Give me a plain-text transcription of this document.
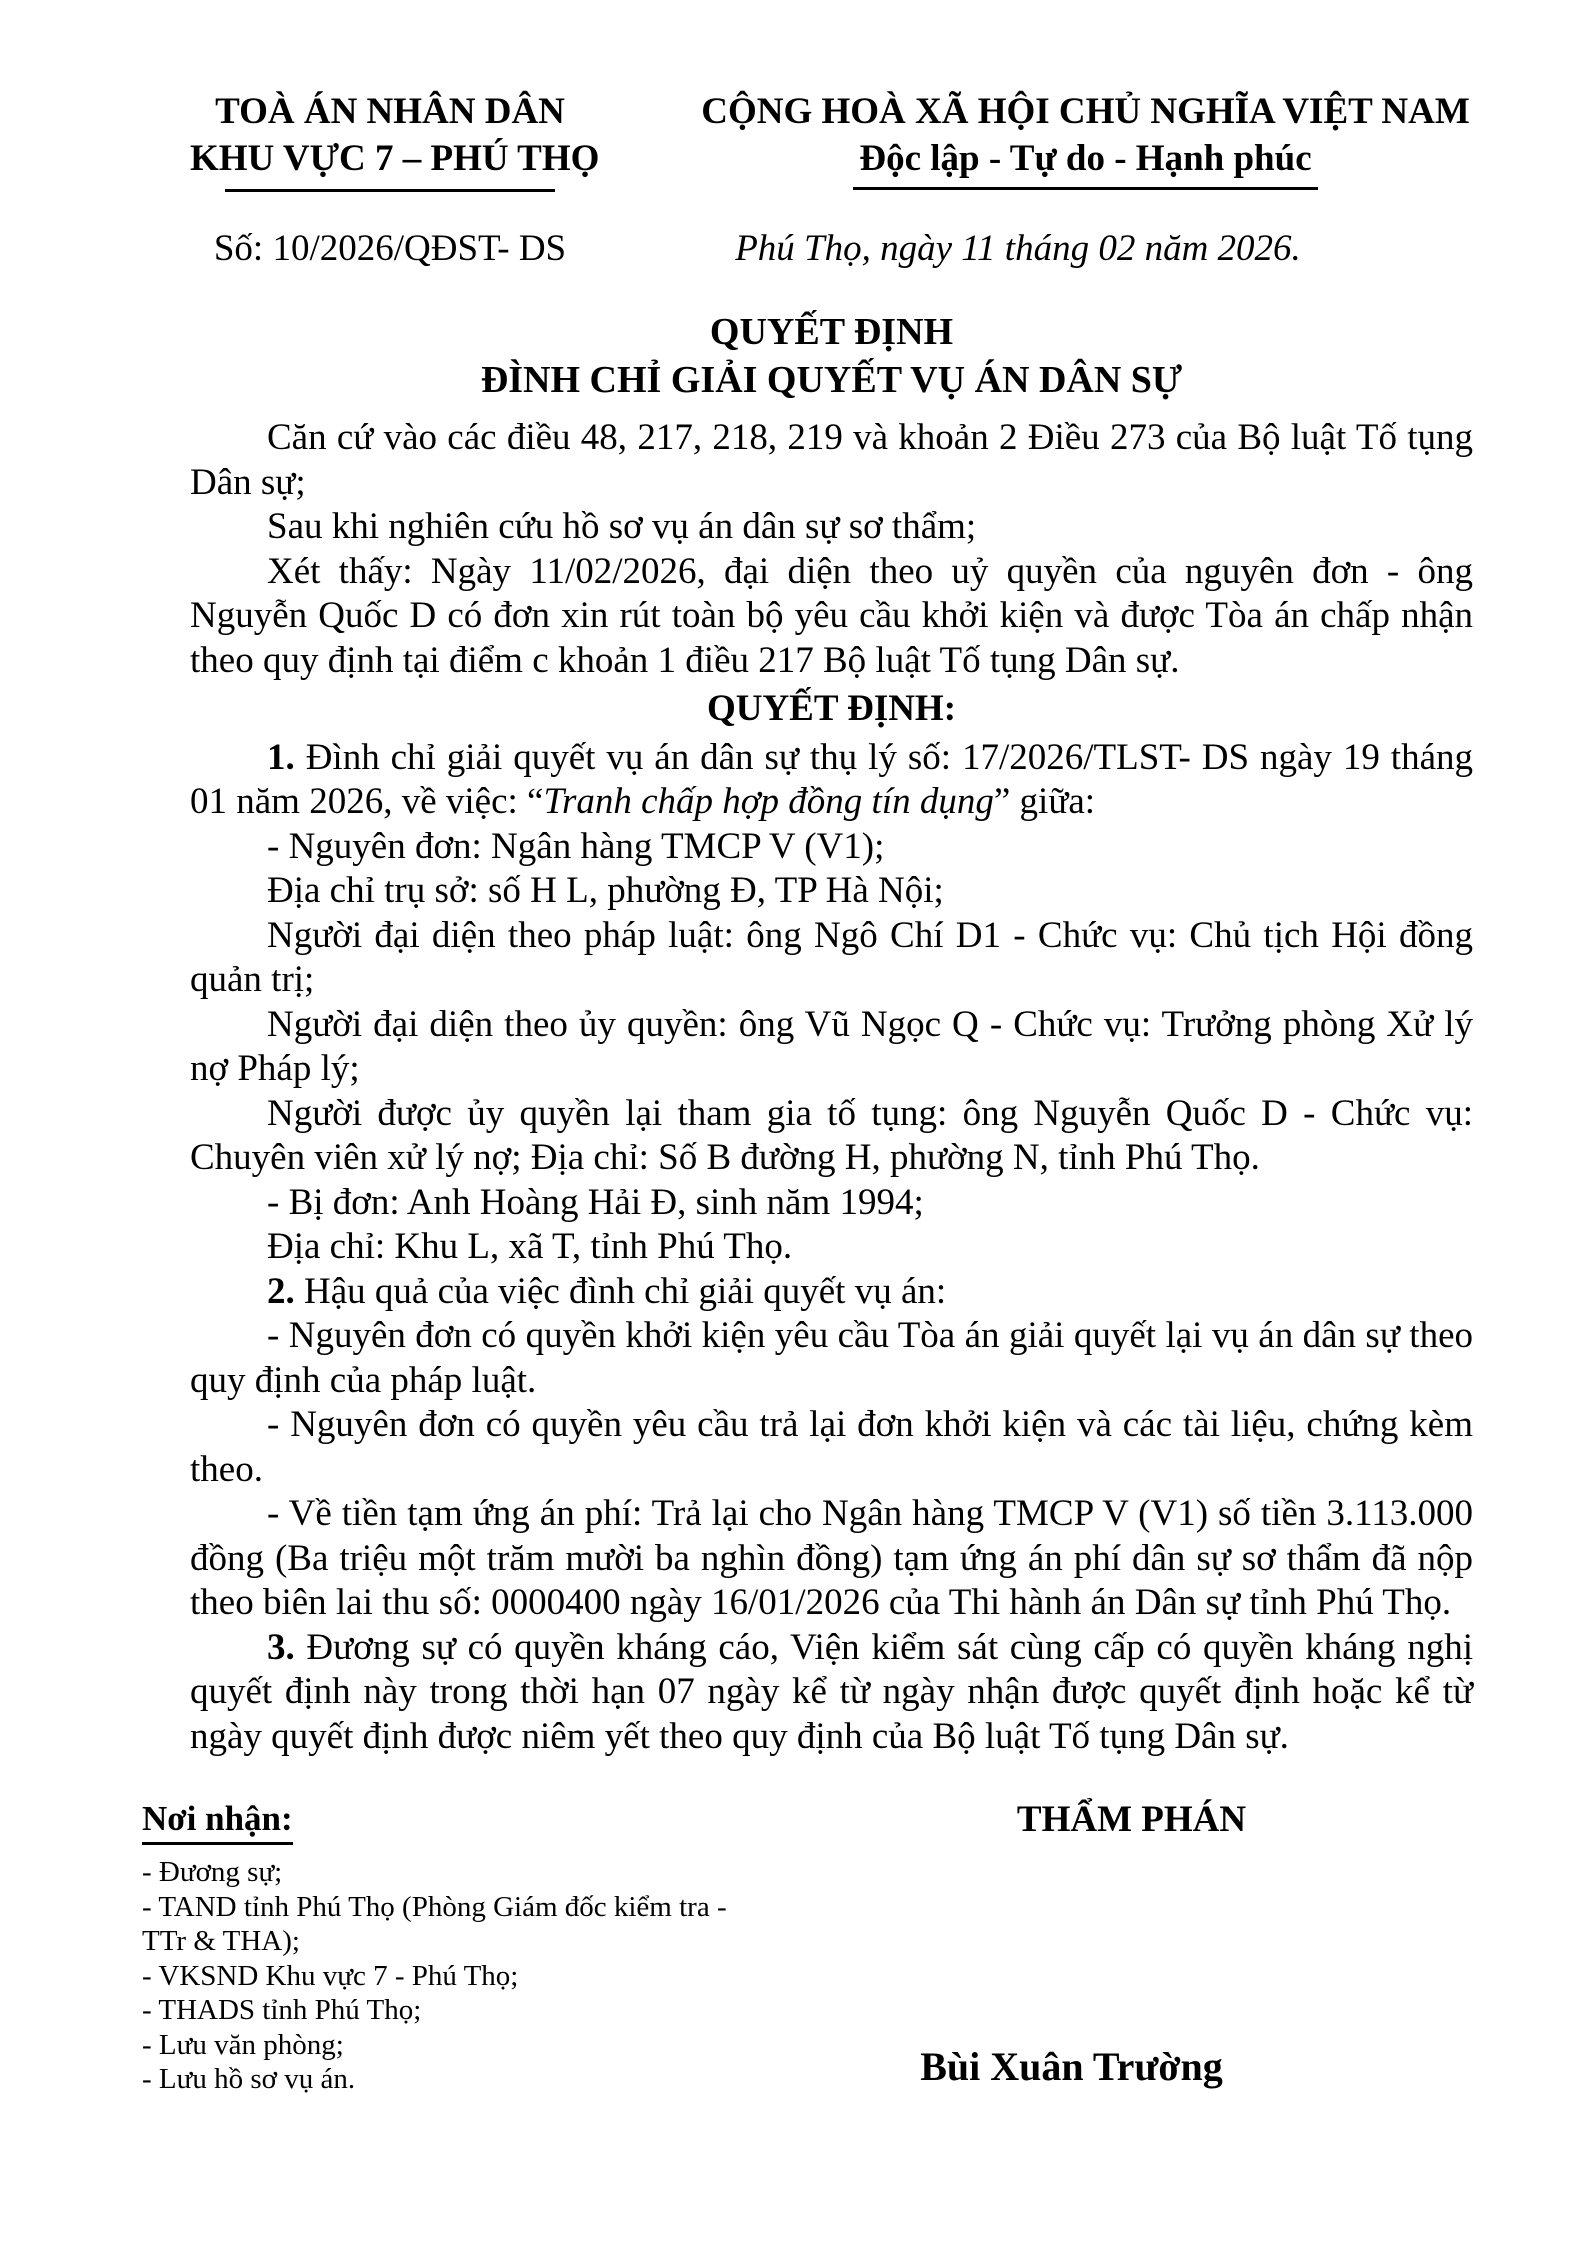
TOÀ ÁN NHÂN DÂN
KHU VỰC 7 – PHÚ THỌ
CỘNG HOÀ XÃ HỘI CHỦ NGHĨA VIỆT NAM
Độc lập - Tự do - Hạnh phúc
Số: 10/2026/QĐST- DS	Phú Thọ, ngày 11 tháng 02 năm 2026.
QUYẾT ĐỊNH
ĐÌNH CHỈ GIẢI QUYẾT VỤ ÁN DÂN SỰ

Căn cứ vào các điều 48, 217, 218, 219 và khoản 2 Điều 273 của Bộ luật Tố tụng Dân sự;

Sau khi nghiên cứu hồ sơ vụ án dân sự sơ thẩm;

Xét thấy: Ngày 11/02/2026, đại diện theo uỷ quyền của nguyên đơn - ông Nguyễn Quốc D có đơn xin rút toàn bộ yêu cầu khởi kiện và được Tòa án chấp nhận theo quy định tại điểm c khoản 1 điều 217 Bộ luật Tố tụng Dân sự.

QUYẾT ĐỊNH:

1. Đình chỉ giải quyết vụ án dân sự thụ lý số: 17/2026/TLST- DS ngày 19 tháng 01 năm 2026, về việc: “Tranh chấp hợp đồng tín dụng” giữa:

- Nguyên đơn: Ngân hàng TMCP V (V1);

Địa chỉ trụ sở: số H L, phường Đ, TP Hà Nội;

Người đại diện theo pháp luật: ông Ngô Chí D1 - Chức vụ: Chủ tịch Hội đồng quản trị;

Người đại diện theo ủy quyền: ông Vũ Ngọc Q - Chức vụ: Trưởng phòng Xử lý nợ Pháp lý;

Người được ủy quyền lại tham gia tố tụng: ông Nguyễn Quốc D - Chức vụ: Chuyên viên xử lý nợ; Địa chỉ: Số B đường H, phường N, tỉnh Phú Thọ.

- Bị đơn: Anh Hoàng Hải Đ, sinh năm 1994;

Địa chỉ: Khu L, xã T, tỉnh Phú Thọ.

2. Hậu quả của việc đình chỉ giải quyết vụ án:

- Nguyên đơn có quyền khởi kiện yêu cầu Tòa án giải quyết lại vụ án dân sự theo quy định của pháp luật.

- Nguyên đơn có quyền yêu cầu trả lại đơn khởi kiện và các tài liệu, chứng kèm theo.

- Về tiền tạm ứng án phí: Trả lại cho Ngân hàng TMCP V (V1) số tiền 3.113.000 đồng (Ba triệu một trăm mười ba nghìn đồng) tạm ứng án phí dân sự sơ thẩm đã nộp theo biên lai thu số: 0000400 ngày 16/01/2026 của Thi hành án Dân sự tỉnh Phú Thọ.

3. Đương sự có quyền kháng cáo, Viện kiểm sát cùng cấp có quyền kháng nghị quyết định này trong thời hạn 07 ngày kể từ ngày nhận được quyết định hoặc kể từ ngày quyết định được niêm yết theo quy định của Bộ luật Tố tụng Dân sự.

Nơi nhận:
- Đương sự;
- TAND tỉnh Phú Thọ (Phòng Giám đốc kiểm tra -
TTr & THA);
- VKSND Khu vực 7 - Phú Thọ;
- THADS tỉnh Phú Thọ;
- Lưu văn phòng;
- Lưu hồ sơ vụ án.
THẨM PHÁN
Bùi Xuân Trường
